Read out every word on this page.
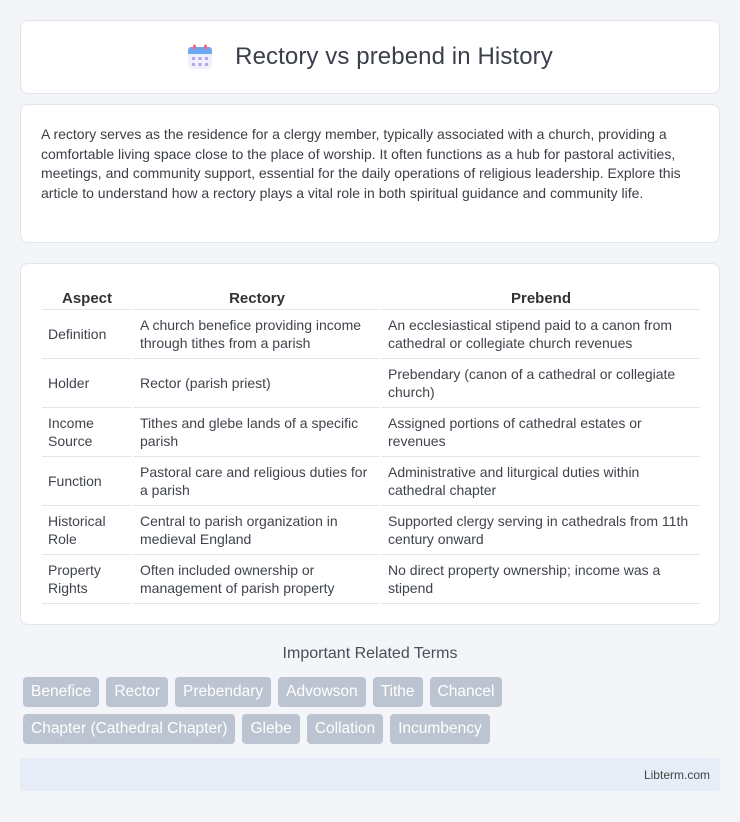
Rectory vs prebend in History

A rectory serves as the residence for a clergy member, typically associated with a church, providing a comfortable living space close to the place of worship. It often functions as a hub for pastoral activities, meetings, and community support, essential for the daily operations of religious leadership. Explore this article to understand how a rectory plays a vital role in both spiritual guidance and community life.

Aspect	Rectory	Prebend
Definition	A church benefice providing income through tithes from a parish	An ecclesiastical stipend paid to a canon from cathedral or collegiate church revenues
Holder	Rector (parish priest)	Prebendary (canon of a cathedral or collegiate church)
Income Source	Tithes and glebe lands of a specific parish	Assigned portions of cathedral estates or revenues
Function	Pastoral care and religious duties for a parish	Administrative and liturgical duties within cathedral chapter
Historical Role	Central to parish organization in medieval England	Supported clergy serving in cathedrals from 11th century onward
Property Rights	Often included ownership or management of parish property	No direct property ownership; income was a stipend
Important Related Terms
Benefice	Rector	Prebendary	Advowson	Tithe	Chancel
Chapter (Cathedral Chapter)	Glebe	Collation	Incumbency
Libterm.com
